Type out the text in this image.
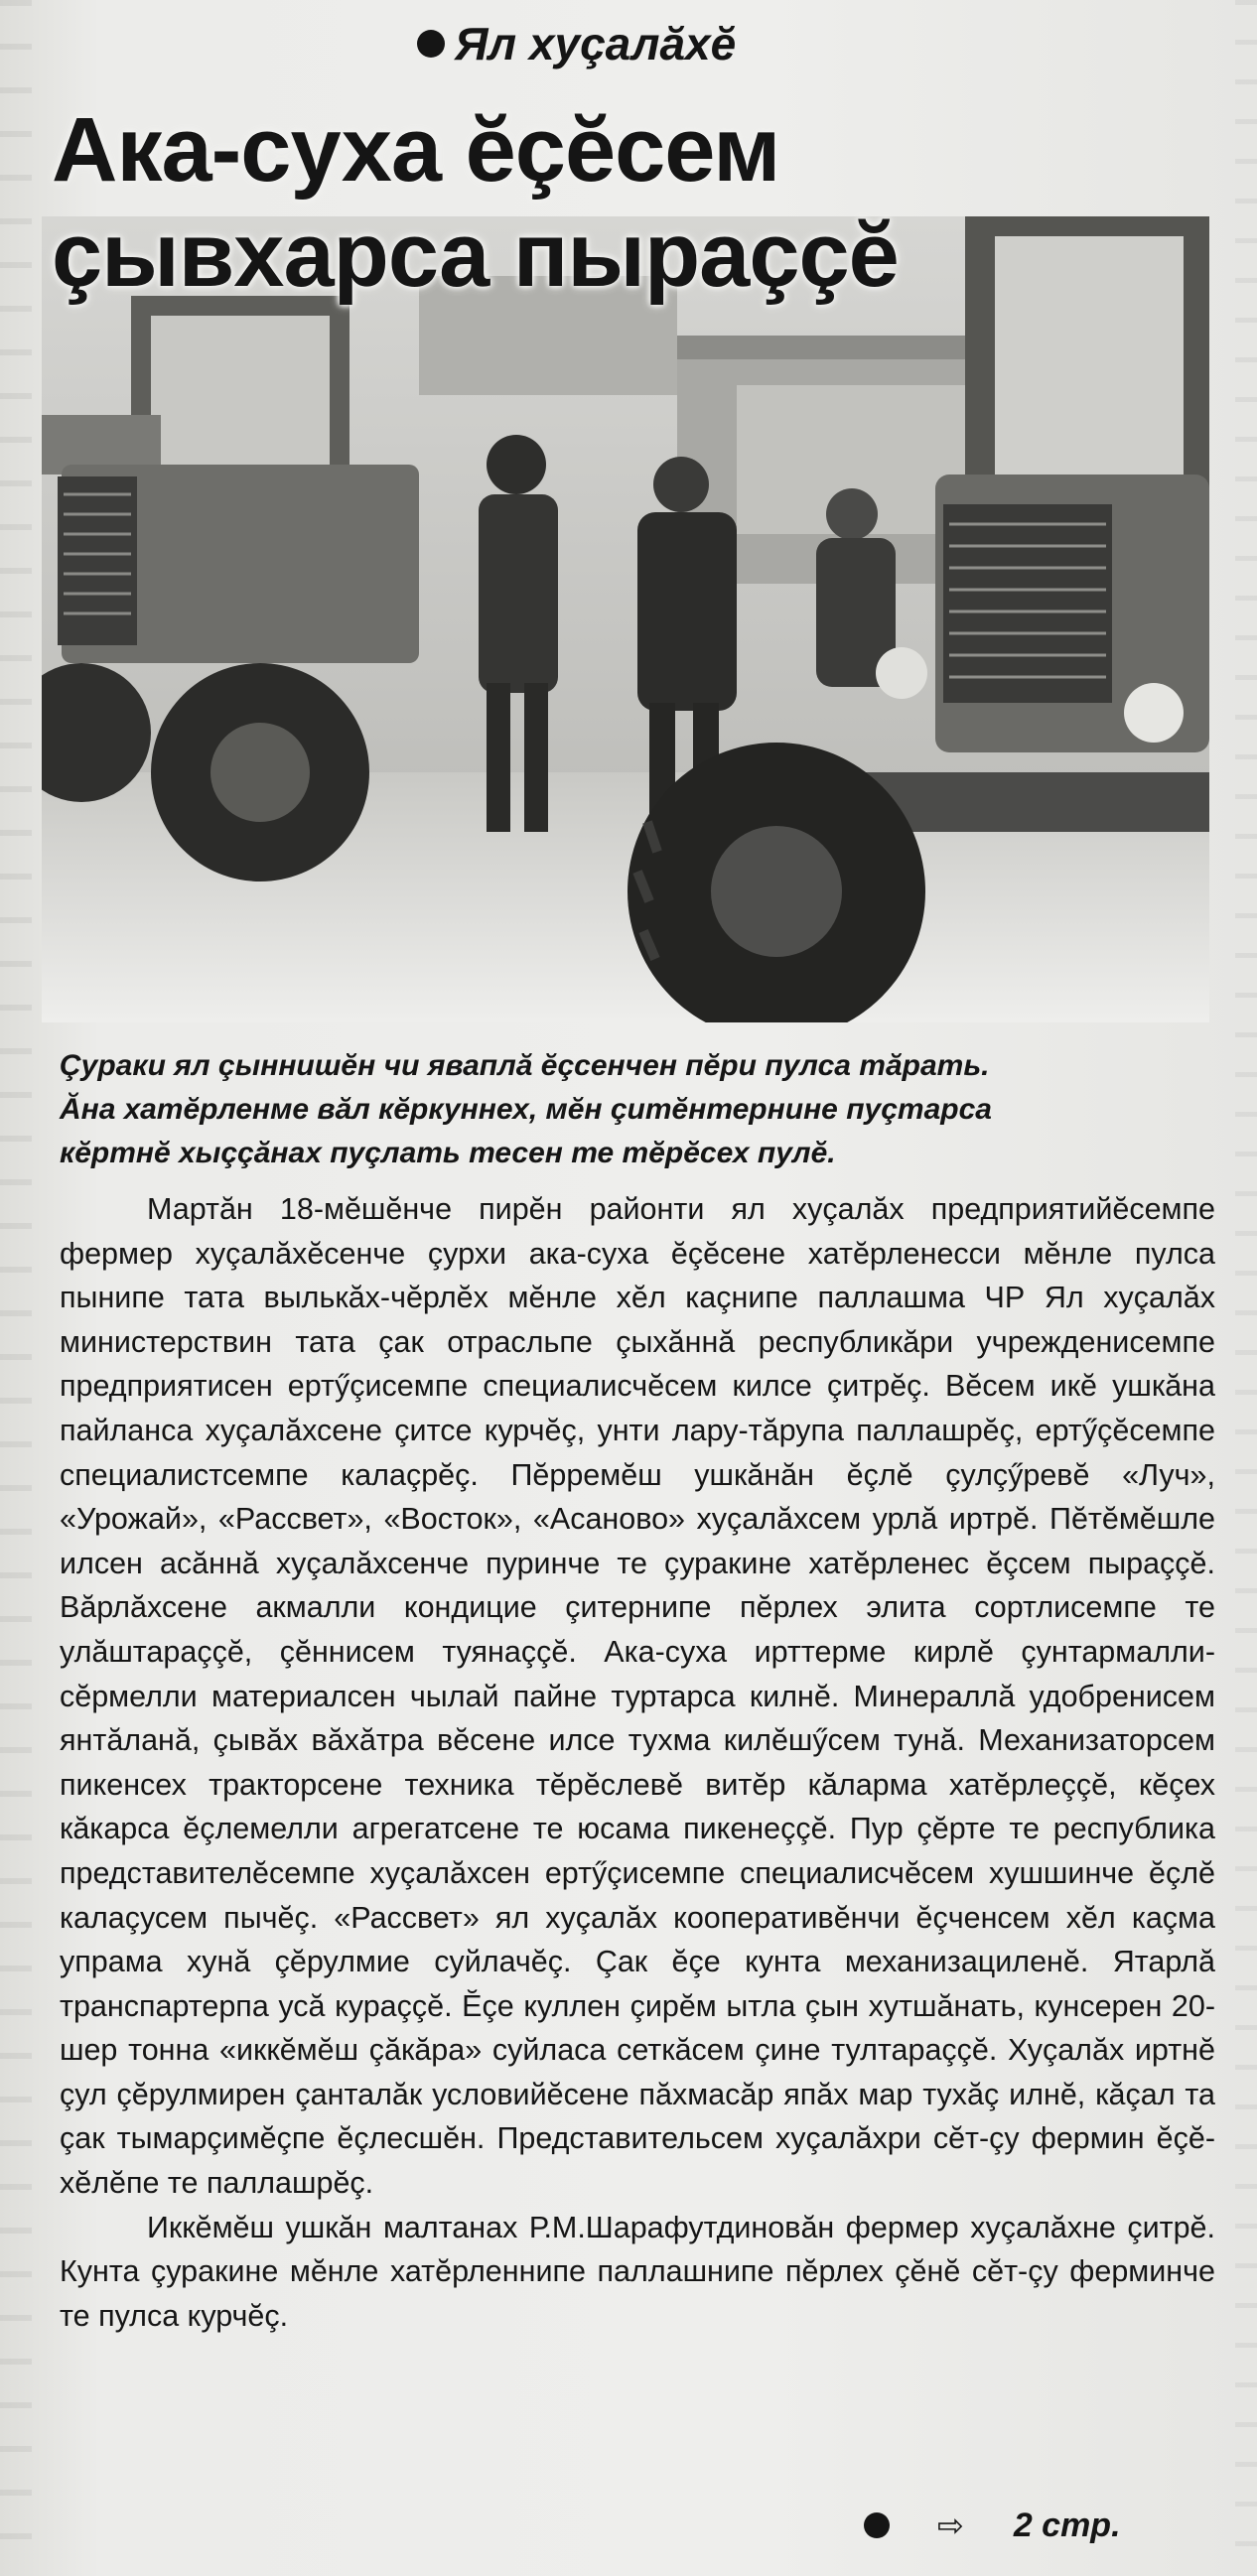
Ял хуçалăхĕ
Ака-суха ĕçĕсем
çывхарса пыраççĕ
Çураки ял çыннишĕн чи яваплă ĕçсенчен пĕри пулса тăрать.
Ăна хатĕрленме вăл кĕркуннех, мĕн çитĕнтернине пуçтарса
кĕртнĕ хыççăнах пуçлать тесен те тĕрĕсех пулĕ.

Мартăн 18-мĕшĕнче пирĕн районти ял хуçалăх предприятийĕсемпе фермер хуçалăхĕсенче çурхи ака-суха ĕçĕсене хатĕрленесси мĕнле пулса пынипе тата вылькăх-чĕрлĕх мĕнле хĕл каçнипе паллашма ЧР Ял хуçалăх министерствин тата çак отрасльпе çыхăннă республикăри учрежденисемпе предприятисен ертӳçисемпе специалисчĕсем килсе çитрĕç. Вĕсем икĕ ушкăна пайланса хуçалăхсене çитсе курчĕç, унти лару-тăрупа паллашрĕç, ертӳçĕсемпе специалистсемпе калаçрĕç. Пĕрремĕш ушкăнăн ĕçлĕ çулçӳревĕ «Луч», «Урожай», «Рассвет», «Восток», «Асаново» хуçалăхсем урлă иртрĕ. Пĕтĕмĕшле илсен асăннă хуçалăхсенче пуринче те çуракине хатĕрленес ĕçсем пыраççĕ. Вăрлăхсене акмалли кондицие çитернипе пĕрлех элита сортлисемпе те улăштараççĕ, çĕннисем туянаççĕ. Ака-суха ирттерме кирлĕ çунтармалли-сĕрмелли материалсен чылай пайне туртарса килнĕ. Минераллă удобренисем янтăланă, çывăх вăхăтра вĕсене илсе тухма килĕшӳсем тунă. Механизаторсем пикенсех тракторсене техника тĕрĕслевĕ витĕр кăларма хатĕрлеççĕ, кĕçех кăкарса ĕçлемелли агрегатсене те юсама пикенеççĕ. Пур çĕрте те республика представителĕсемпе хуçалăхсен ертӳçисемпе специалисчĕсем хушшинче ĕçлĕ калаçусем пычĕç. «Рассвет» ял хуçалăх кооперативĕнчи ĕçченсем хĕл каçма упрама хунă çĕрулмие суйлачĕç. Çак ĕçе кунта механизациленĕ. Ятарлă транспартерпа усă кураççĕ. Ĕçе куллен çирĕм ытла çын хутшăнать, кунсерен 20-шер тонна «иккĕмĕш çăкăра» суйласа сеткăсем çине тултараççĕ. Хуçалăх иртнĕ çул çĕрулмирен çанталăк условийĕсене пăхмасăр япăх мар тухăç илнĕ, кăçал та çак тымарçимĕçпе ĕçлесшĕн. Представительсем хуçалăхри сĕт-çу фермин ĕçĕ-хĕлĕпе те паллашрĕç.

Иккĕмĕш ушкăн малтанах Р.М.Шарафутдиновăн фермер хуçалăхне çитрĕ. Кунта çуракине мĕнле хатĕрленнипе паллашнипе пĕрлех çĕнĕ сĕт-çу ферминче те пулса курчĕç.

⇨ 2 стр.
